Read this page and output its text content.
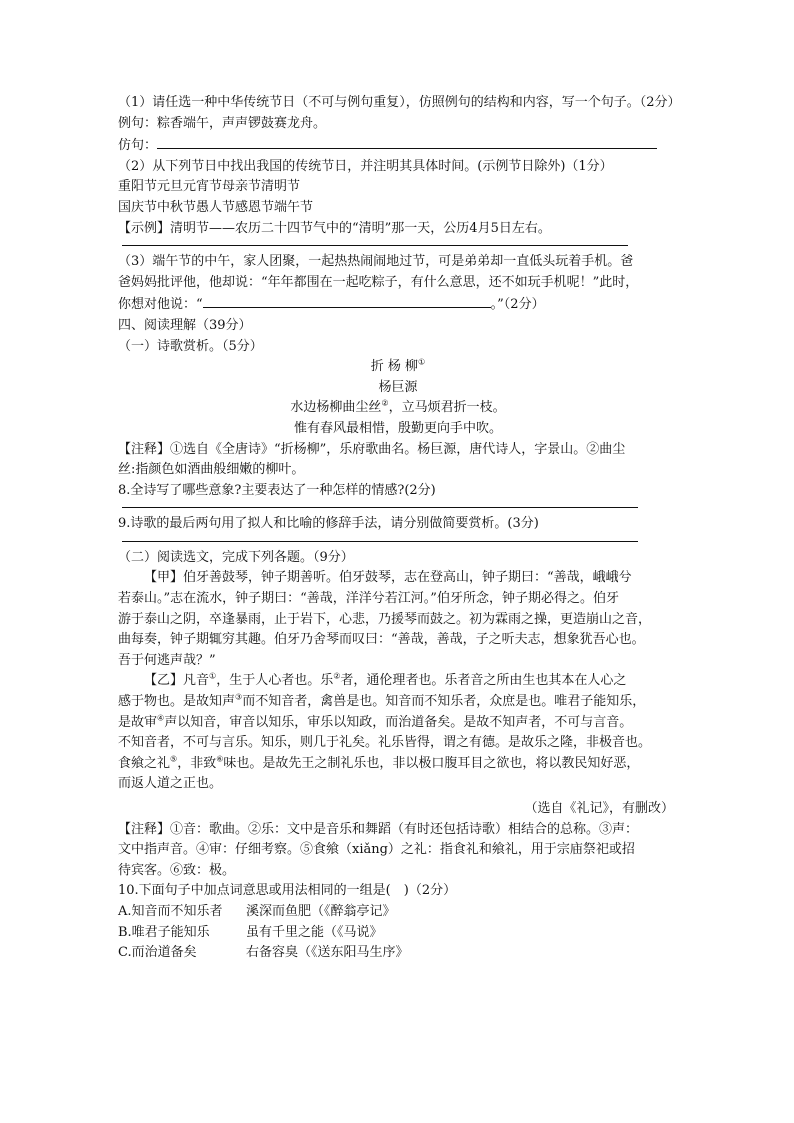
（1）请任选一种中华传统节日（不可与例句重复），仿照例句的结构和内容，写一个句子。（2分）
例句：粽香端午，声声锣鼓赛龙舟。
仿句：
（2）从下列节日中找出我国的传统节日，并注明其具体时间。(示例节日除外)（1分）
重阳节元旦元宵节母亲节清明节
国庆节中秋节愚人节感恩节端午节
【示例】清明节——农历二十四节气中的“清明”那一天，公历4月5日左右。
（3）端午节的中午，家人团聚，一起热热闹闹地过节，可是弟弟却一直低头玩着手机。爸
爸妈妈批评他，他却说：“年年都围在一起吃粽子，有什么意思，还不如玩手机呢！”此时，
你想对他说：“	。”（2分）
四、阅读理解（39分）
（一）诗歌赏析。（5分）
折 杨 柳①
杨巨源
水边杨柳曲尘丝②，立马烦君折一枝。
惟有春风最相惜，殷勤更向手中吹。
【注释】①选自《全唐诗》“折杨柳”，乐府歌曲名。杨巨源，唐代诗人，字景山。②曲尘
丝:指颜色如酒曲般细嫩的柳叶。
8.全诗写了哪些意象?主要表达了一种怎样的情感?(2分)
9.诗歌的最后两句用了拟人和比喻的修辞手法，请分别做简要赏析。(3分)
（二）阅读选文，完成下列各题。（9分）
【甲】伯牙善鼓琴，钟子期善听。伯牙鼓琴，志在登高山，钟子期曰：“善哉，峨峨兮
若泰山。”志在流水，钟子期曰：“善哉，洋洋兮若江河。”伯牙所念，钟子期必得之。伯牙
游于泰山之阴，卒逢暴雨，止于岩下，心悲，乃援琴而鼓之。初为霖雨之操，更造崩山之音，
曲每奏，钟子期辄穷其趣。伯牙乃舍琴而叹曰：“善哉，善哉，子之听夫志，想象犹吾心也。
吾于何逃声哉？”
【乙】凡音①，生于人心者也。乐②者，通伦理者也。乐者音之所由生也其本在人心之
感于物也。是故知声③而不知音者，禽兽是也。知音而不知乐者，众庶是也。唯君子能知乐，
是故审④声以知音，审音以知乐，审乐以知政，而治道备矣。是故不知声者，不可与言音。
不知音者，不可与言乐。知乐，则几于礼矣。礼乐皆得，谓之有德。是故乐之隆，非极音也。
食飨之礼⑤，非致⑥味也。是故先王之制礼乐也，非以极口腹耳目之欲也，将以教民知好恶，
而返人道之正也。
（选自《礼记》，有删改）
【注释】①音：歌曲。②乐：文中是音乐和舞蹈（有时还包括诗歌）相结合的总称。③声：
文中指声音。④审：仔细考察。⑤食飨（xiǎng）之礼：指食礼和飨礼，用于宗庙祭祀或招
待宾客。⑥致：极。
10.下面句子中加点词意思或用法相同的一组是(　)（2分）
A.知音而不知乐者 溪深而鱼肥（《醉翁亭记》
B.唯君子能知乐	虽有千里之能（《马说》
C.而治道备矣	右备容臭（《送东阳马生序》
